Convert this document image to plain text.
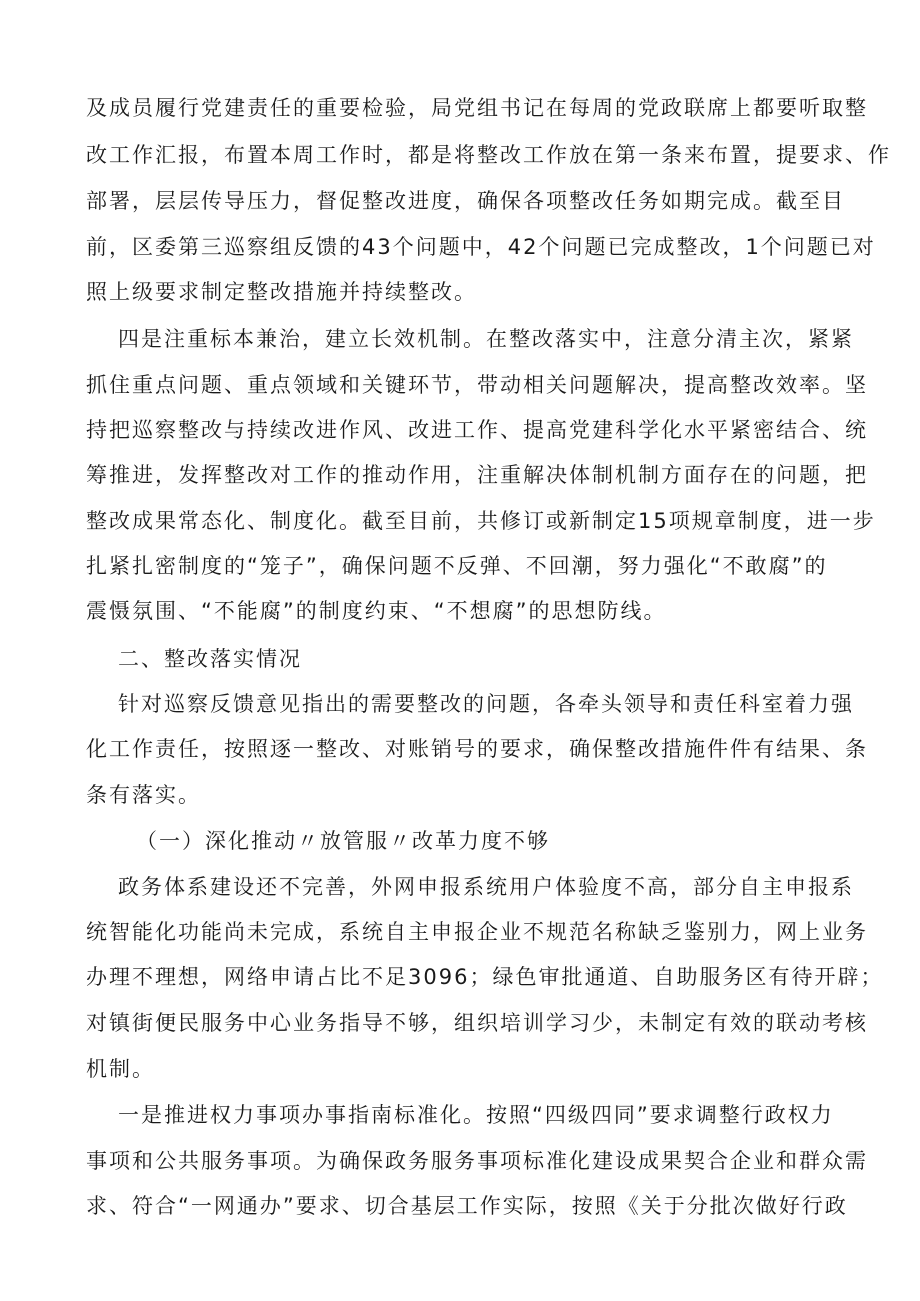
及成员履行党建责任的重要检验，局党组书记在每周的党政联席上都要听取整
改工作汇报，布置本周工作时，都是将整改工作放在第一条来布置，提要求、作
部署，层层传导压力，督促整改进度，确保各项整改任务如期完成。截至目
前，区委第三巡察组反馈的43个问题中，42个问题已完成整改，1个问题已对
照上级要求制定整改措施并持续整改。
四是注重标本兼治，建立长效机制。在整改落实中，注意分清主次，紧紧
抓住重点问题、重点领域和关键环节，带动相关问题解决，提高整改效率。坚
持把巡察整改与持续改进作风、改进工作、提高党建科学化水平紧密结合、统
筹推进，发挥整改对工作的推动作用，注重解决体制机制方面存在的问题，把
整改成果常态化、制度化。截至目前，共修订或新制定15项规章制度，进一步
扎紧扎密制度的“笼子”，确保问题不反弹、不回潮，努力强化“不敢腐”的
震慑氛围、“不能腐”的制度约束、“不想腐”的思想防线。
二、整改落实情况
针对巡察反馈意见指出的需要整改的问题，各牵头领导和责任科室着力强
化工作责任，按照逐一整改、对账销号的要求，确保整改措施件件有结果、条
条有落实。
（一）深化推动〃放管服〃改革力度不够
政务体系建设还不完善，外网申报系统用户体验度不高，部分自主申报系
统智能化功能尚未完成，系统自主申报企业不规范名称缺乏鉴别力，网上业务
办理不理想，网络申请占比不足3096；绿色审批通道、自助服务区有待开辟；
对镇街便民服务中心业务指导不够，组织培训学习少，未制定有效的联动考核
机制。
一是推进权力事项办事指南标准化。按照“四级四同”要求调整行政权力
事项和公共服务事项。为确保政务服务事项标准化建设成果契合企业和群众需
求、符合“一网通办”要求、切合基层工作实际，按照《关于分批次做好行政
